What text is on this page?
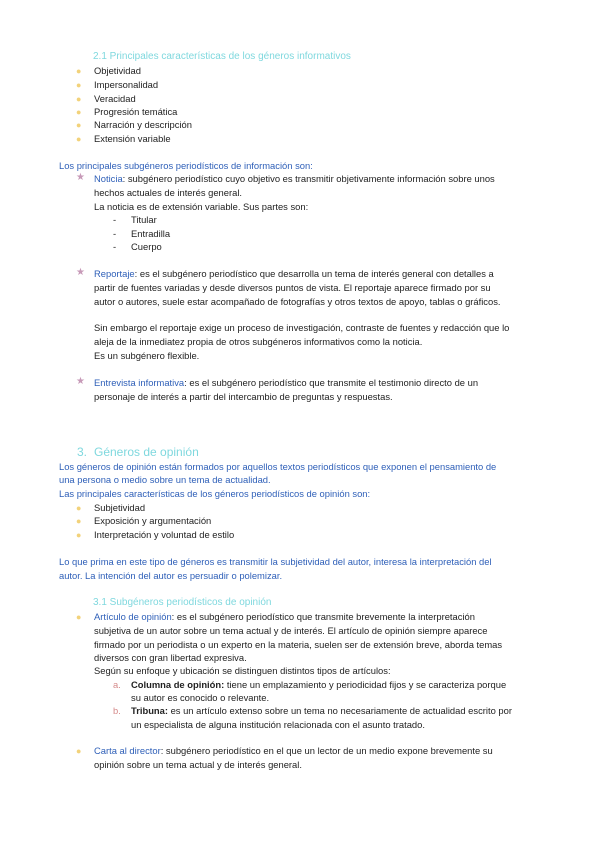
2.1 Principales características de los géneros informativos
● Objetividad
● Impersonalidad
● Veracidad
● Progresión temática
● Narración y descripción
● Extensión variable
Los principales subgéneros periodísticos de información son:
★ Noticia: subgénero periodístico cuyo objetivo es transmitir objetivamente información sobre unos
hechos actuales de interés general.
La noticia es de extensión variable. Sus partes son:
- Titular
- Entradilla
- Cuerpo
★ Reportaje: es el subgénero periodístico que desarrolla un tema de interés general con detalles a
partir de fuentes variadas y desde diversos puntos de vista. El reportaje aparece firmado por su
autor o autores, suele estar acompañado de fotografías y otros textos de apoyo, tablas o gráficos.
Sin embargo el reportaje exige un proceso de investigación, contraste de fuentes y redacción que lo
aleja de la inmediatez propia de otros subgéneros informativos como la noticia.
Es un subgénero flexible.
★ Entrevista informativa: es el subgénero periodístico que transmite el testimonio directo de un
personaje de interés a partir del intercambio de preguntas y respuestas.
3. Géneros de opinión
Los géneros de opinión están formados por aquellos textos periodísticos que exponen el pensamiento de
una persona o medio sobre un tema de actualidad.
Las principales características de los géneros periodísticos de opinión son:
● Subjetividad
● Exposición y argumentación
● Interpretación y voluntad de estilo
Lo que prima en este tipo de géneros es transmitir la subjetividad del autor, interesa la interpretación del
autor. La intención del autor es persuadir o polemizar.
3.1 Subgéneros periodísticos de opinión
● Artículo de opinión: es el subgénero periodístico que transmite brevemente la interpretación
subjetiva de un autor sobre un tema actual y de interés. El artículo de opinión siempre aparece
firmado por un periodista o un experto en la materia, suelen ser de extensión breve, aborda temas
diversos con gran libertad expresiva.
Según su enfoque y ubicación se distinguen distintos tipos de artículos:
a. Columna de opinión: tiene un emplazamiento y periodicidad fijos y se caracteriza porque
su autor es conocido o relevante.
b. Tribuna: es un artículo extenso sobre un tema no necesariamente de actualidad escrito por
un especialista de alguna institución relacionada con el asunto tratado.
● Carta al director: subgénero periodístico en el que un lector de un medio expone brevemente su
opinión sobre un tema actual y de interés general.
